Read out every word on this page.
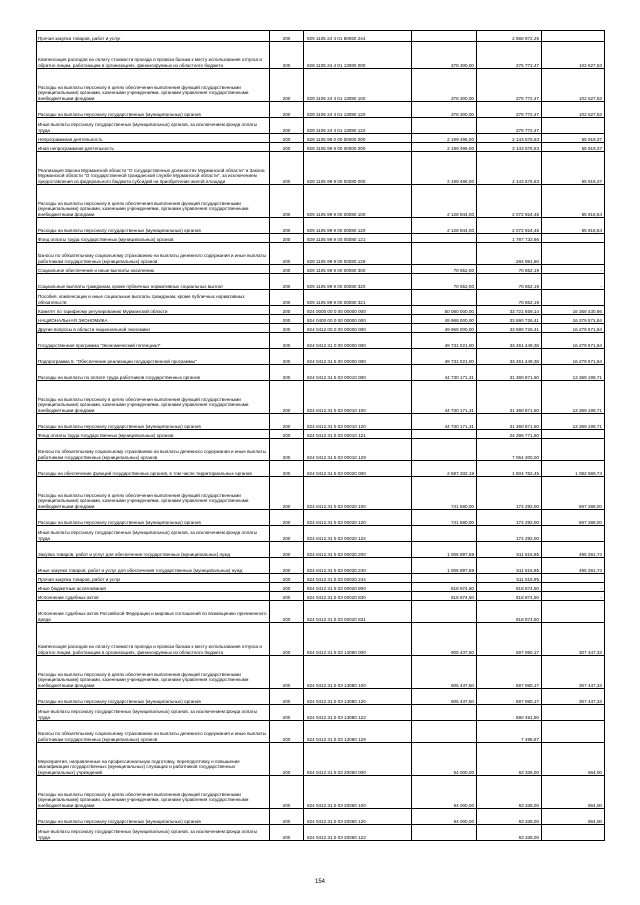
Прочая закупка товаров, работ и услуг	200	829 1105 24 4 01 80060 244		2 568 972,25	
Компенсация расходов на оплату стоимости проезда и провоза багажа к месту использования отпуска и обратно лицам, работающим в организациях, финансируемых из областного бюджета	200	829 1105 24 4 01 13080 000	378 300,00	275 772,47	102 527,53
Расходы на выплаты персоналу в целях обеспечения выполнения функций государственными (муниципальными) органами, казенными учреждениями, органами управления государственными внебюджетными фондами	200	829 1105 24 4 01 13080 100	378 300,00	275 772,47	102 527,53
Расходы на выплаты персоналу государственных (муниципальных) органов	200	829 1105 24 4 01 13080 120	378 300,00	275 772,47	102 527,53
Иные выплаты персоналу государственных (муниципальных) органов, за исключением фонда оплаты труда	200	829 1105 24 4 01 13080 122		275 772,47	
Непрограммная деятельность	200	829 1105 99 0 00 00000 000	2 199 496,00	2 143 576,63	55 919,37
Иная непрограммная деятельность	200	829 1105 99 9 00 00000 000	2 199 496,00	2 143 576,63	55 919,37
Реализация Закона Мурманской области "О государственных должностях Мурманской области" и Закона Мурманской области "О государственной гражданской службе Мурманской области", за исключением предоставления из федерального бюджета субсидий на приобретение жилой площади	200	829 1105 99 9 00 00080 000	2 199 496,00	2 143 576,63	55 919,37
Расходы на выплаты персоналу в целях обеспечения выполнения функций государственными (муниципальными) органами, казенными учреждениями, органами управления государственными внебюджетными фондами	200	829 1105 99 9 00 00080 100	2 128 844,00	2 072 924,46	55 919,54
Расходы на выплаты персоналу государственных (муниципальных) органов	200	829 1105 99 9 00 00080 120	2 128 844,00	2 072 924,46	55 919,54
Фонд оплаты труда государственных (муниципальных) органов	200	829 1105 99 9 00 00080 121		1 787 732,86	
Взносы по обязательному социальному страхованию на выплаты денежного содержания и иные выплаты работникам государственных (муниципальных) органов	200	829 1105 99 9 00 00080 129		284 991,60	
Социальное обеспечение и иные выплаты населению	200	829 1105 99 9 00 00080 300	70 652,00	70 652,19	-
Социальные выплаты гражданам, кроме публичных нормативных социальных выплат	200	829 1105 99 9 00 00080 320	70 652,00	70 652,19	-
Пособия, компенсации и иные социальные выплаты гражданам, кроме публичных нормативных обязательств	200	829 1105 99 9 00 00080 321		70 652,19	
Комитет по тарифному регулированию Мурманской области	200	824 0000 00 0 00 00000 000	50 080 000,00	33 721 659,14	16 358 430,86
НАЦИОНАЛЬНАЯ ЭКОНОМИКА	200	824 0400 00 0 00 00000 000	49 968 000,00	33 690 726,41	16 279 571,84
Другие вопросы в области национальной экономики	200	824 0412 00 0 00 00000 000	49 968 000,00	33 690 726,41	16 279 571,84
Государственная программа "Экономический потенциал"	200	824 0412 31 0 00 00000 000	49 731 021,00	33 451 449,38	16 279 571,84
Подпрограмма 5. "Обеспечение реализации государственной программы"	200	824 0412 31 5 00 00000 000	49 731 021,00	33 451 449,38	16 279 571,84
Расходы на выплаты по оплате труда работников государственных органов	200	824 0412 31 5 03 00010 000	44 730 171,31	31 360 971,60	13 369 199,71
Расходы на выплаты персоналу в целях обеспечения выполнения функций государственными (муниципальными) органами, казенными учреждениями, органами управления государственными внебюджетными фондами	200	824 0412 31 5 03 00010 100	44 730 171,31	31 360 971,60	13 369 199,71
Расходы на выплаты персоналу государственных (муниципальных) органов	200	824 0412 31 5 03 00010 120	44 730 171,31	31 360 971,60	13 369 199,71
Фонд оплаты труда государственных (муниципальных) органов	200	824 0412 31 5 03 00010 121		24 296 771,60	
Взносы по обязательному социальному страхованию на выплаты денежного содержания и иные выплаты работникам государственных (муниципальных) органов	200	824 0412 31 5 03 00010 129		7 064 200,00	
Расходы на обеспечение функций государственных органов, в том числе территориальных органов	200	824 0412 31 5 03 00020 000	2 587 332,19	1 604 762,45	1 082 569,74
Расходы на выплаты персоналу в целях обеспечения выполнения функций государственными (муниципальными) органами, казенными учреждениями, органами управления государственными внебюджетными фондами	200	824 0412 31 5 03 00020 100	741 580,00	174 292,00	567 288,00
Расходы на выплаты персоналу государственных (муниципальных) органов	200	824 0412 31 5 03 00020 120	741 580,00	174 292,00	567 288,00
Иные выплаты персоналу государственных (муниципальных) органов, за исключением фонда оплаты труда	200	824 0412 31 5 03 00020 122		174 292,00	
Закупка товаров, работ и услуг для обеспечения государственных (муниципальных) нужд	200	824 0412 31 5 03 00020 200	1 006 897,69	511 615,95	495 281,74
Иные закупки товаров, работ и услуг для обеспечения государственных (муниципальных) нужд	200	824 0412 31 5 03 00020 240	1 006 897,69	511 615,95	495 281,74
Прочая закупка товаров, работ и услуг	200	824 0412 31 5 03 00020 244		511 615,95	
Иные бюджетные ассигнования	200	824 0412 31 5 03 00020 800	818 874,50	818 874,50	-
Исполнение судебных актов	200	824 0412 31 5 03 00020 830	818 874,50	818 874,50	-
Исполнение судебных актов Российской Федерации и мировых соглашений по возмещению причиненного вреда	200	824 0412 31 5 03 00020 831		818 874,50	
Компенсация расходов на оплату стоимости проезда и провоза багажа к месту использования отпуска и обратно лицам, работающим в организациях, финансируемых из областного бюджета	200	824 0412 31 5 03 13080 000	905 437,50	597 990,17	307 447,33
Расходы на выплаты персоналу в целях обеспечения выполнения функций государственными (муниципальными) органами, казенными учреждениями, органами управления государственными внебюджетными фондами	200	824 0412 31 5 03 13080 100	905 437,50	597 990,17	307 447,33
Расходы на выплаты персоналу государственных (муниципальных) органов	200	824 0412 31 5 03 13080 120	905 437,50	597 990,17	307 447,33
Иные выплаты персоналу государственных (муниципальных) органов, за исключением фонда оплаты труда	200	824 0412 31 5 03 13080 122		590 491,50	
Взносы по обязательному социальному страхованию на выплаты денежного содержания и иные выплаты работникам государственных (муниципальных) органов	200	824 0412 31 5 03 13080 129		7 498,67	
Мероприятия, направленные на профессиональную подготовку, переподготовку и повышение квалификации государственных (муниципальных) служащих и работников государственных (муниципальных) учреждений	200	824 0412 31 5 03 20060 000	64 000,00	63 336,00	664,00
Расходы на выплаты персоналу в целях обеспечения выполнения функций государственными (муниципальными) органами, казенными учреждениями, органами управления государственными внебюджетными фондами	200	824 0412 31 5 03 20060 100	64 000,00	63 336,00	664,00
Расходы на выплаты персоналу государственных (муниципальных) органов	200	824 0412 31 5 03 20060 120	64 000,00	63 336,00	664,00
Иные выплаты персоналу государственных (муниципальных) органов, за исключением фонда оплаты труда	200	824 0412 31 5 03 20060 122		63 336,00	
154
